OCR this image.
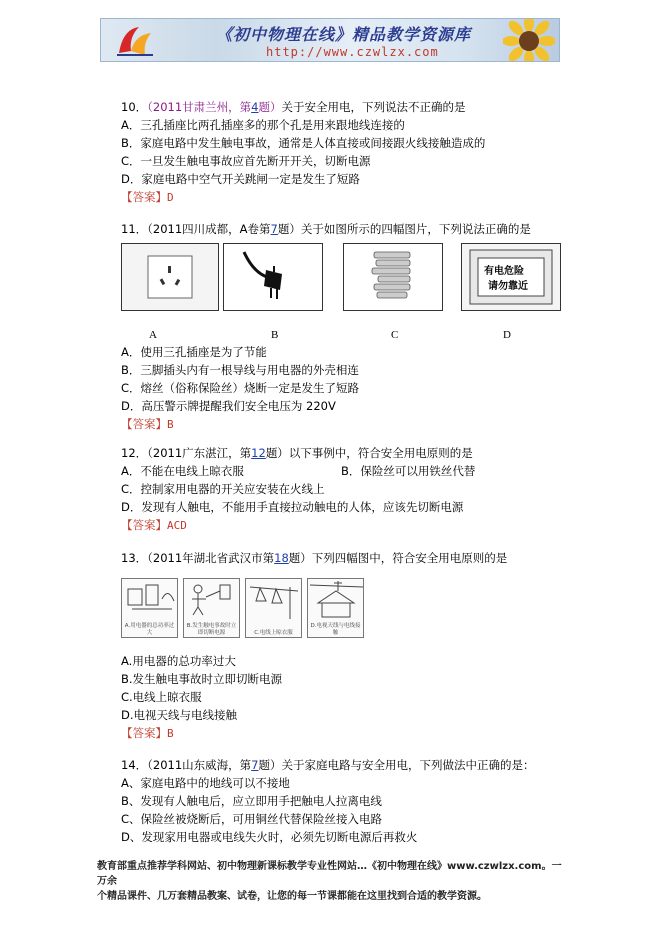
《初中物理在线》精品教学资源库
http://www.czwlzx.com
10．（2011甘肃兰州，第4题）关于安全用电，下列说法不正确的是
A．三孔插座比两孔插座多的那个孔是用来跟地线连接的
B．家庭电路中发生触电事故，通常是人体直接或间接跟火线接触造成的
C．一旦发生触电事故应首先断开开关，切断电源
D．家庭电路中空气开关跳闸一定是发生了短路
【答案】D
11．（2011四川成都，A卷第7题）关于如图所示的四幅图片，下列说法正确的是
有电危险
请勿靠近
A	B	C	D
A．使用三孔插座是为了节能
B．三脚插头内有一根导线与用电器的外壳相连
C．熔丝（俗称保险丝）烧断一定是发生了短路
D．高压警示牌提醒我们安全电压为 220V
【答案】B
12．（2011广东湛江，第12题）以下事例中，符合安全用电原则的是
A．不能在电线上晾衣服	B．保险丝可以用铁丝代替
C．控制家用电器的开关应安装在火线上
D．发现有人触电，不能用手直接拉动触电的人体，应该先切断电源
【答案】ACD
13．（2011年湖北省武汉市第18题）下列四幅图中，符合安全用电原则的是
A.用电器的总功率过大
B.发生触电事故时立即切断电源	C.电线上晾衣服
D.电视天线与电线接触
A.用电器的总功率过大
B.发生触电事故时立即切断电源
C.电线上晾衣服
D.电视天线与电线接触
【答案】B
14．（2011山东威海，第7题）关于家庭电路与安全用电，下列做法中正确的是：
A、家庭电路中的地线可以不接地
B、发现有人触电后，应立即用手把触电人拉离电线
C、保险丝被烧断后，可用铜丝代替保险丝接入电路
D、发现家用电器或电线失火时，必须先切断电源后再救火
教育部重点推荐学科网站、初中物理新课标教学专业性网站…《初中物理在线》www.czwlzx.com。一万余
个精品课件、几万套精品教案、试卷，让您的每一节课都能在这里找到合适的教学资源。
